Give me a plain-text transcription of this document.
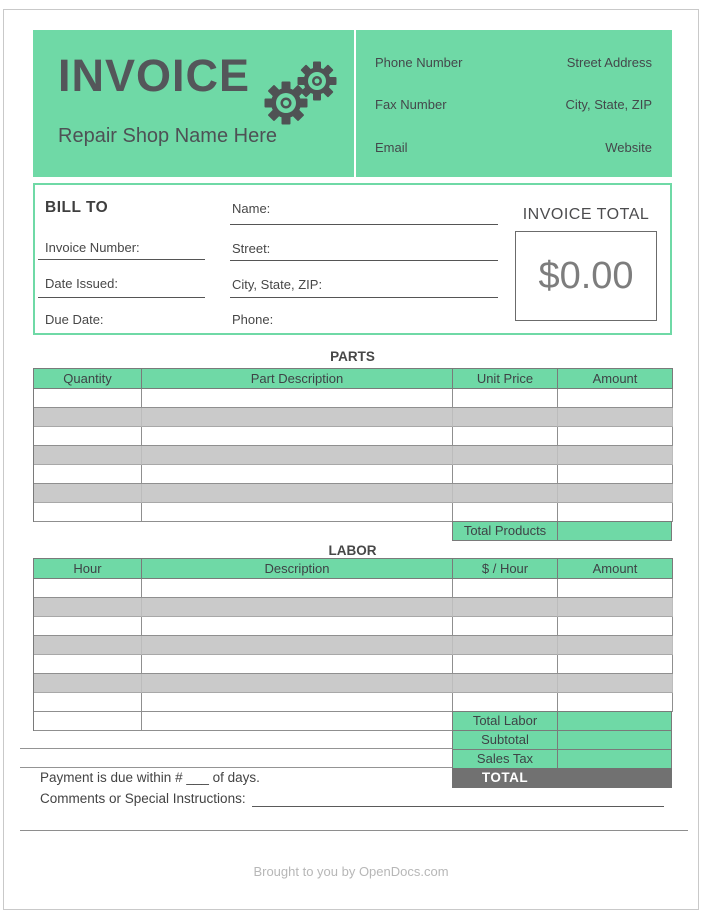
INVOICE
Repair Shop Name Here
Phone Number
Fax Number
Email
Street Address
City, State, ZIP
Website
BILL TO
Invoice Number:
Date Issued:
Due Date:
Name:
Street:
City, State, ZIP:
Phone:
INVOICE TOTAL
$0.00
PARTS
Quantity	Part Description	Unit Price	Amount
Total Products
LABOR
Hour	Description	$ / Hour	Amount
Total Labor
Subtotal
Sales Tax
TOTAL
Payment is due within # ___ of days.
Comments or Special Instructions:
Brought to you by OpenDocs.com
